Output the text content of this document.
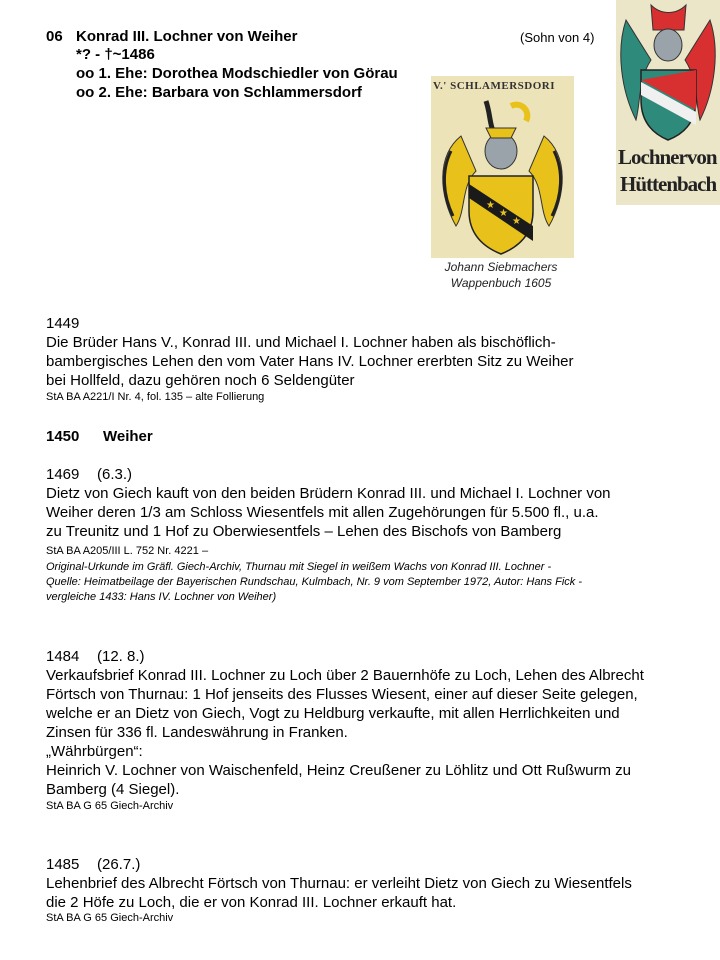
06 Konrad III. Lochner von Weiher	(Sohn von 4)
*? - †~1486
oo 1. Ehe: Dorothea Modschiedler von Görau
oo 2. Ehe: Barbara von Schlammersdorf
★
★
★
V.' SCHLAMERSDORI
Lochnervon
Hüttenbach
Johann Siebmachers
Wappenbuch 1605
1449
Die Brüder Hans V., Konrad III. und Michael I. Lochner haben als bischöflich-
bambergisches Lehen den vom Vater Hans IV. Lochner ererbten Sitz zu Weiher
bei Hollfeld, dazu gehören noch 6 Seldengüter
StA BA A221/I Nr. 4, fol. 135 – alte Follierung
1450 Weiher
1469 (6.3.)
Dietz von Giech kauft von den beiden Brüdern Konrad III. und Michael I. Lochner von
Weiher deren 1/3 am Schloss Wiesentfels mit allen Zugehörungen für 5.500 fl., u.a.
zu Treunitz und 1 Hof zu Oberwiesentfels – Lehen des Bischofs von Bamberg
StA BA A205/III L. 752 Nr. 4221 –
Original-Urkunde im Gräfl. Giech-Archiv, Thurnau mit Siegel in weißem Wachs von Konrad III. Lochner -
Quelle: Heimatbeilage der Bayerischen Rundschau, Kulmbach, Nr. 9 vom September 1972, Autor: Hans Fick -
vergleiche 1433: Hans IV. Lochner von Weiher)
1484 (12. 8.)
Verkaufsbrief Konrad III. Lochner zu Loch über 2 Bauernhöfe zu Loch, Lehen des Albrecht
Förtsch von Thurnau: 1 Hof jenseits des Flusses Wiesent, einer auf dieser Seite gelegen,
welche er an Dietz von Giech, Vogt zu Heldburg verkaufte, mit allen Herrlichkeiten und
Zinsen für 336 fl. Landeswährung in Franken.
„Währbürgen“:
Heinrich V. Lochner von Waischenfeld, Heinz Creußener zu Löhlitz und Ott Rußwurm zu
Bamberg (4 Siegel).
StA BA G 65 Giech-Archiv
1485 (26.7.)
Lehenbrief des Albrecht Förtsch von Thurnau: er verleiht Dietz von Giech zu Wiesentfels
die 2 Höfe zu Loch, die er von Konrad III. Lochner erkauft hat.
StA BA G 65 Giech-Archiv
